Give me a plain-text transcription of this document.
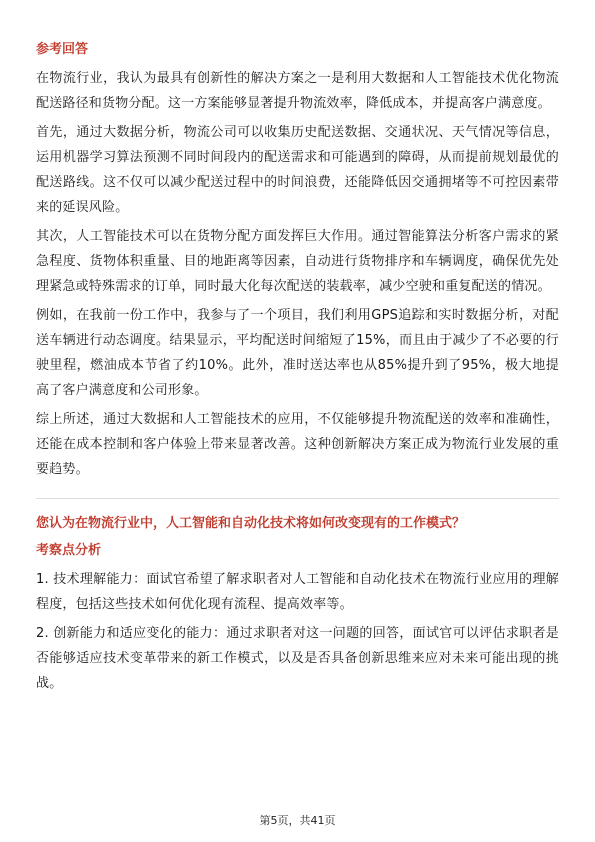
参考回答

在物流行业，我认为最具有创新性的解决方案之一是利用大数据和人工智能技术优化物流配送路径和货物分配。这一方案能够显著提升物流效率，降低成本，并提高客户满意度。

首先，通过大数据分析，物流公司可以收集历史配送数据、交通状况、天气情况等信息，运用机器学习算法预测不同时间段内的配送需求和可能遇到的障碍，从而提前规划最优的配送路线。这不仅可以减少配送过程中的时间浪费，还能降低因交通拥堵等不可控因素带来的延误风险。

其次，人工智能技术可以在货物分配方面发挥巨大作用。通过智能算法分析客户需求的紧急程度、货物体积重量、目的地距离等因素，自动进行货物排序和车辆调度，确保优先处理紧急或特殊需求的订单，同时最大化每次配送的装载率，减少空驶和重复配送的情况。

例如，在我前一份工作中，我参与了一个项目，我们利用GPS追踪和实时数据分析，对配送车辆进行动态调度。结果显示，平均配送时间缩短了15%，而且由于减少了不必要的行驶里程，燃油成本节省了约10%。此外，准时送达率也从85%提升到了95%，极大地提高了客户满意度和公司形象。

综上所述，通过大数据和人工智能技术的应用，不仅能够提升物流配送的效率和准确性，还能在成本控制和客户体验上带来显著改善。这种创新解决方案正成为物流行业发展的重要趋势。

您认为在物流行业中，人工智能和自动化技术将如何改变现有的工作模式？
考察点分析

1. 技术理解能力：面试官希望了解求职者对人工智能和自动化技术在物流行业应用的理解程度，包括这些技术如何优化现有流程、提高效率等。

2. 创新能力和适应变化的能力：通过求职者对这一问题的回答，面试官可以评估求职者是否能够适应技术变革带来的新工作模式，以及是否具备创新思维来应对未来可能出现的挑战。

第5页，共41页
